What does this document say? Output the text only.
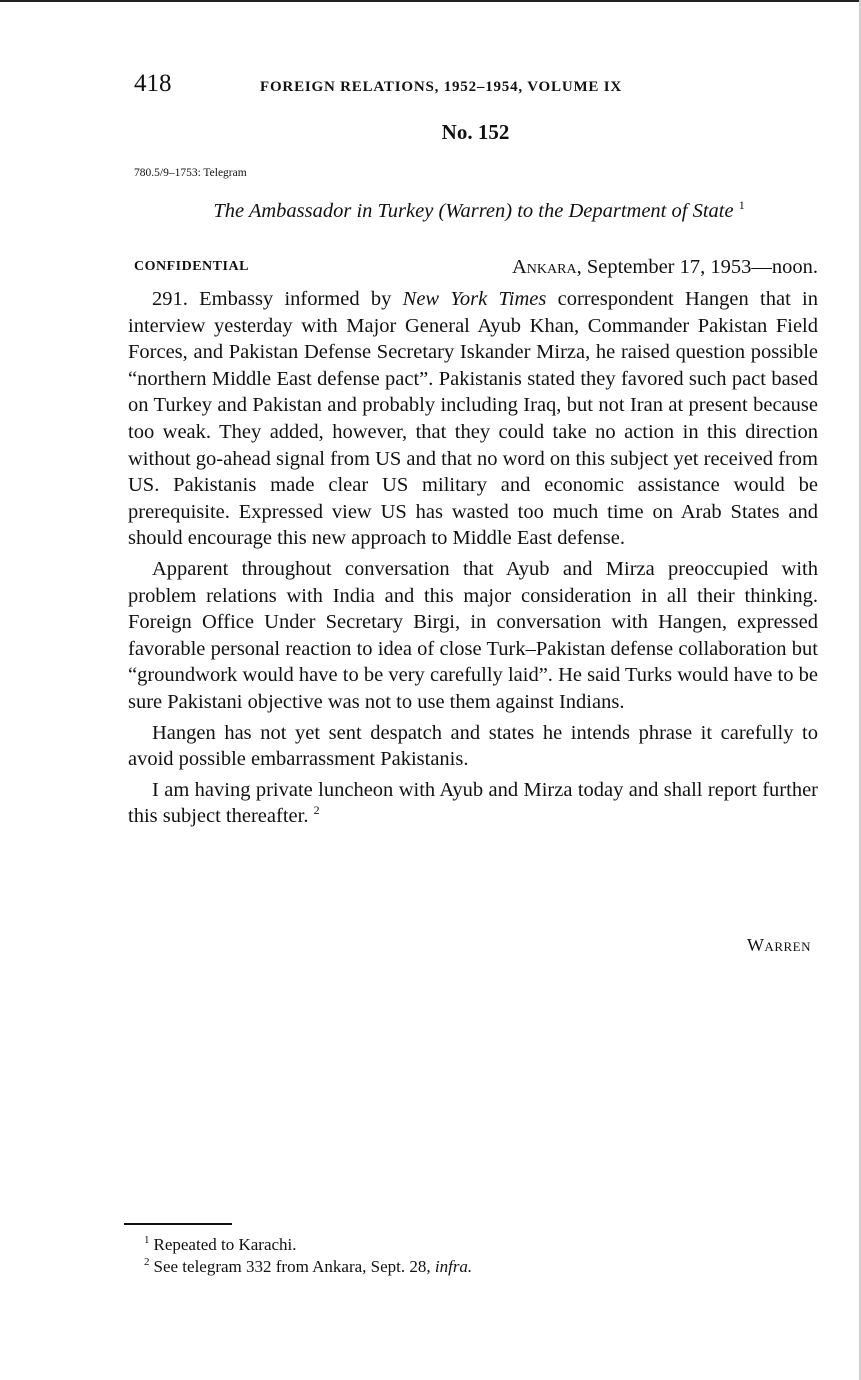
418	FOREIGN RELATIONS, 1952–1954, VOLUME IX
No. 152
780.5/9–1753: Telegram
The Ambassador in Turkey (Warren) to the Department of State $^1$
CONFIDENTIAL	Ankara, September 17, 1953—noon.

291. Embassy informed by New York Times correspondent Hangen that in interview yesterday with Major General Ayub Khan, Commander Pakistan Field Forces, and Pakistan Defense Secretary Iskander Mirza, he raised question possible “northern Middle East defense pact”. Pakistanis stated they favored such pact based on Turkey and Pakistan and probably including Iraq, but not Iran at present because too weak. They added, however, that they could take no action in this direction without go-ahead signal from US and that no word on this subject yet received from US. Pakistanis made clear US military and economic assistance would be prerequisite. Expressed view US has wasted too much time on Arab States and should encourage this new approach to Middle East defense.

Apparent throughout conversation that Ayub and Mirza preoccupied with problem relations with India and this major consideration in all their thinking. Foreign Office Under Secretary Birgi, in conversation with Hangen, expressed favorable personal reaction to idea of close Turk–Pakistan defense collaboration but “groundwork would have to be very carefully laid”. He said Turks would have to be sure Pakistani objective was not to use them against Indians.

Hangen has not yet sent despatch and states he intends phrase it carefully to avoid possible embarrassment Pakistanis.

I am having private luncheon with Ayub and Mirza today and shall report further this subject thereafter. $^2$

Warren
$^1$ Repeated to Karachi.
$^2$ See telegram 332 from Ankara, Sept. 28, infra.
